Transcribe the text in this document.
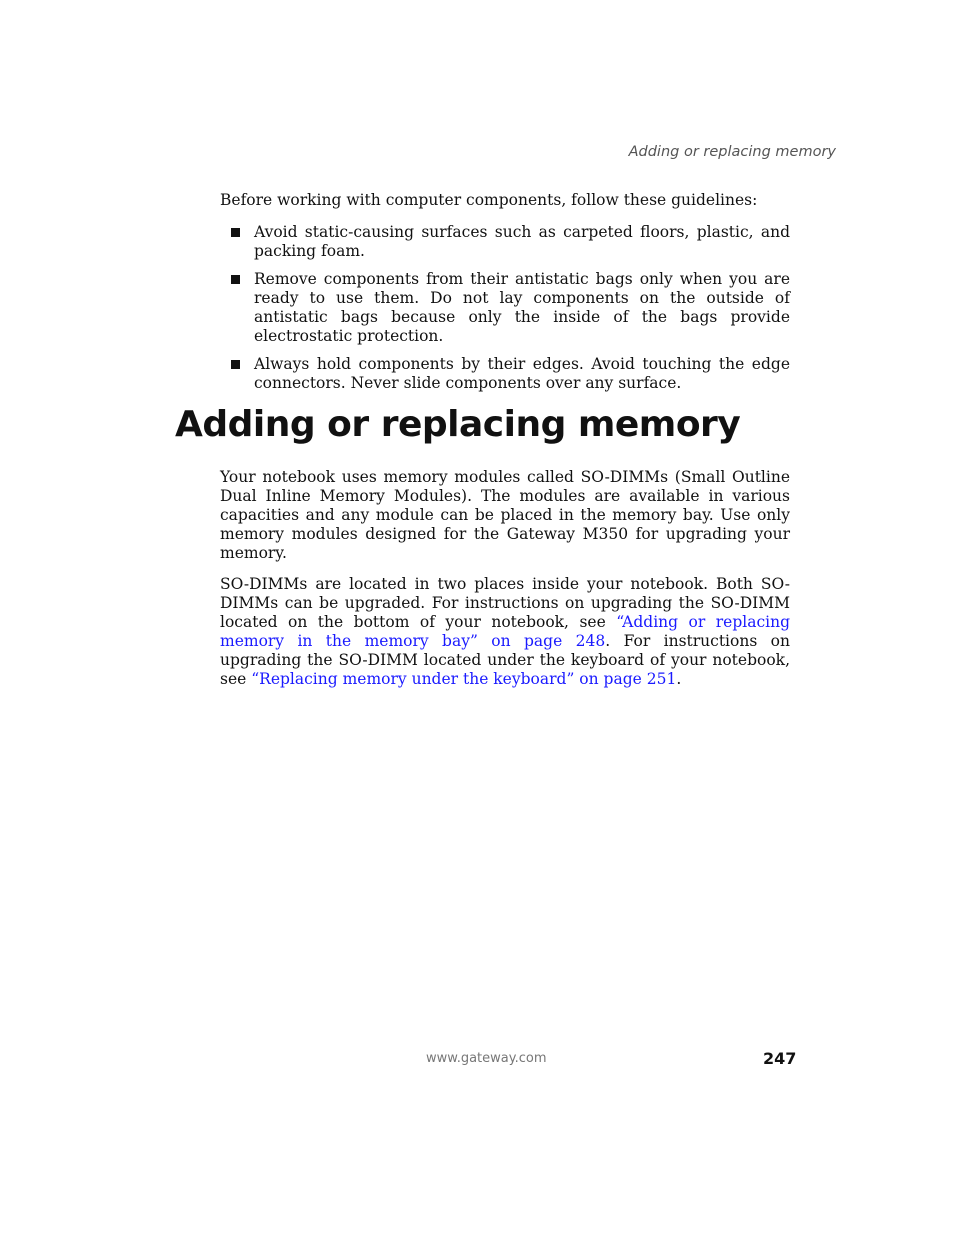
Adding or replacing memory

Before working with computer components, follow these guidelines:

Avoid static-causing surfaces such as carpeted floors, plastic, and packing foam.
Remove components from their antistatic bags only when you are ready to use them. Do not lay components on the outside of antistatic bags because only the inside of the bags provide electrostatic protection.
Always hold components by their edges. Avoid touching the edge connectors. Never slide components over any surface.
Adding or replacing memory

Your notebook uses memory modules called SO-DIMMs (Small Outline Dual Inline Memory Modules). The modules are available in various capacities and any module can be placed in the memory bay. Use only memory modules designed for the Gateway M350 for upgrading your memory.

SO-DIMMs are located in two places inside your notebook. Both SO-DIMMs can be upgraded. For instructions on upgrading the SO-DIMM located on the bottom of your notebook, see “Adding or replacing memory in the memory bay” on page 248. For instructions on upgrading the SO-DIMM located under the keyboard of your notebook, see “Replacing memory under the keyboard” on page 251.

www.gateway.com	247
